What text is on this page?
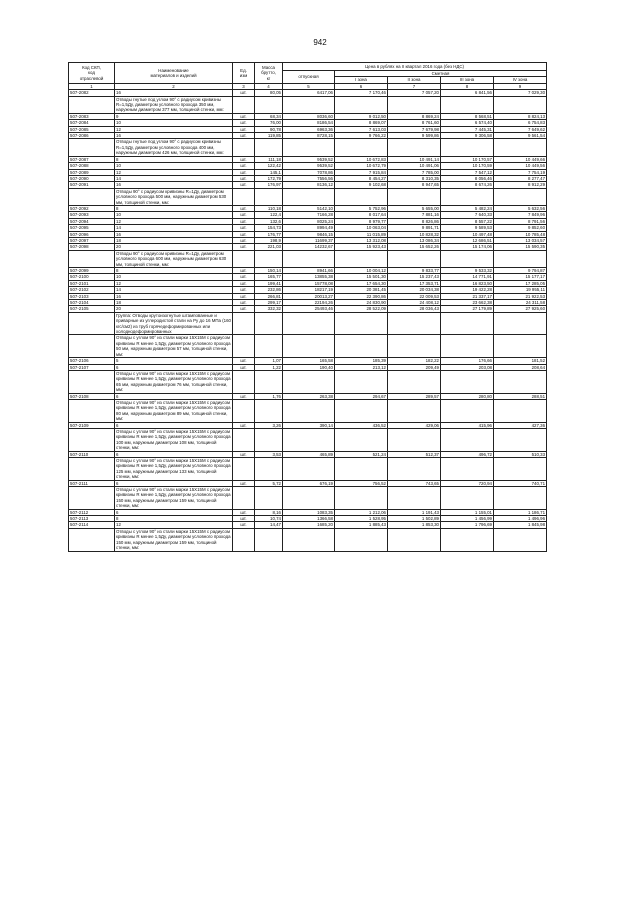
942
Код СКП,
код
отраслевой	Наименование
материалов и изделий	Ед.
изм	Масса
брутто,
кг	Цена в рублях на II квартал 2016 года (без НДС)				
				отпускная	Сметная			
					I зона	II зона	III зона	IV зона
1	2	3	4	5	6	7	8	9
507-2082	16	шт.	80,05	6417,06	7 170,46	7 057,20	6 841,56	7 029,30
	Отводы гнутые под углом 90° с радиусом кривизны R=1,5Ду, диаметром условного прохода 350 мм, наружным диаметром 377 мм, толщиной стенки, мм:							
507-2083	9	шт.	68,34	8036,60	9 012,50	8 869,24	8 568,51	8 824,13
507-2084	10	шт.	76,00	8186,54	8 869,07	8 761,60	6 574,40	6 754,83
507-2085	12	шт.	90,78	6963,36	7 613,03	7 679,98	7 445,31	7 649,62
507-2086	16	шт.	119,85	8728,15	9 766,22	9 599,86	9 306,58	9 561,54
	Отводы гнутые под углом 90° с радиусом кривизны R=1,5Ду, диаметром условного прохода 400 мм, наружным диаметром 426 мм, толщиной стенки, мм:							
507-2087	8	шт.	111,18	9539,52	10 672,83	10 491,14	10 170,57	10 449,66
507-2088	10	шт.	122,42	9539,52	10 672,79	10 491,06	10 170,59	10 449,56
507-2089	12	шт.	145,1	7078,86	7 915,84	7 785,00	7 547,12	7 754,19
507-2090	14	шт.	172,79	7556,56	8 454,27	8 310,35	8 056,46	8 277,47
507-2091	16	шт.	176,97	8136,12	9 102,68	8 947,65	8 674,26	8 912,29
	Отводы 90° с радиусом кривизны R=1Ду, диаметром условного прохода 500 мм, наружным диаметром 530 мм, толщиной стенки, мм:							
507-2092	8	шт.	110,18	5142,10	5 752,96	5 655,00	5 482,24	5 632,56
507-2093	10	шт.	122,4	7166,28	8 017,64	7 881,16	7 640,33	7 849,96
507-2094	12	шт.	132,6	8025,24	8 979,77	8 826,86	8 557,22	8 791,56
507-2095	14	шт.	154,73	8994,49	10 063,04	9 891,71	9 589,53	9 852,60
507-2096	16	шт.	176,77	9846,15	11 015,89	10 828,32	10 497,48	10 785,48
507-2097	18	шт.	198,9	11699,37	13 312,08	13 086,34	12 686,51	13 034,57
507-2098	20	шт.	221,03	14232,67	15 923,43	15 652,26	15 174,06	15 590,35
	Отводы 90° с радиусом кривизны R=1Ду, диаметром условного прохода 600 мм, наружным диаметром 630 мм, толщиной стенки, мм:							
507-2099	8	шт.	150,14	8941,66	10 004,12	9 833,77	9 533,32	9 794,87
507-2100	10	шт.	165,77	13855,38	15 501,30	15 237,43	14 771,91	15 177,17
507-2101	12	шт.	199,41	15778,08	17 654,30	17 353,71	16 823,50	17 285,05
507-2102	14	шт.	232,86	18217,19	20 381,45	20 034,38	19 422,28	19 955,11
507-2103	16	шт.	266,81	20013,27	22 390,86	22 009,53	21 337,17	21 922,53
507-2104	18	шт.	299,17	22194,26	24 830,90	24 408,12	23 662,38	24 311,58
507-2105	20	шт.	332,32	25493,46	28 522,09	28 036,43	27 179,89	27 925,60
	Группа: Отводы крутоизогнутые штампованные и приварные из углеродистой стали на Ру до 16 МПа (160 кгс/см2) из труб горячедеформированных или холоднодеформированных							
	Отводы с углом 90° из стали марки 15Х15М с радиусом кривизны R менее 1,5Ду, диаметром условного прохода 50 мм, наружным диаметром 57 мм, толщиной стенки, мм:							
507-2106	5	шт.	1,07	165,58	185,39	182,22	176,66	181,52
507-2107	6	шт.	1,22	190,40	213,12	209,49	203,08	208,64
	Отводы с углом 90° из стали марки 15Х15М с радиусом кривизны R менее 1,5Ду, диаметром условного прохода 65 мм, наружным диаметром 76 мм, толщиной стенки, мм:							
507-2108	6	шт.	1,76	263,38	294,67	289,57	280,80	288,51
	Отводы с углом 90° из стали марки 15Х15М с радиусом кривизны R менее 1,5Ду, диаметром условного прохода 80 мм, наружным диаметром 89 мм, толщиной стенки, мм:							
507-2109	6	шт.	3,26	390,14	436,52	429,06	415,96	427,36
	Отводы с углом 90° из стали марки 15Х15М с радиусом кривизны R менее 1,5Ду, диаметром условного прохода 100 мм, наружным диаметром 108 мм, толщиной стенки, мм:							
507-2110	6	шт.	3,53	465,89	521,24	512,37	496,72	510,33
	Отводы с углом 90° из стали марки 15Х15М с радиусом кривизны R менее 1,5Ду, диаметром условного прохода 125 мм, наружным диаметром 133 мм, толщиной стенки, мм:							
507-2111	6	шт.	5,72	676,19	756,52	743,65	720,94	740,71
	Отводы с углом 90° из стали марки 15Х15М с радиусом кривизны R менее 1,5Ду, диаметром условного прохода 150 мм, наружным диаметром 159 мм, толщиной стенки, мм:							
507-2112	6	шт.	8,16	1083,35	1 212,06	1 191,43	1 155,01	1 186,71
507-2113	8	шт.	10,74	1366,58	1 528,95	1 502,89	1 456,99	1 496,96
507-2114	12	шт.	14,47	1685,20	1 885,43	1 853,30	1 796,69	1 845,98
	Отводы с углом 90° из стали марки 15Х15М с радиусом кривизны R менее 1,5Ду, диаметром условного прохода 150 мм, наружным диаметром 159 мм, толщиной стенки, мм:							
